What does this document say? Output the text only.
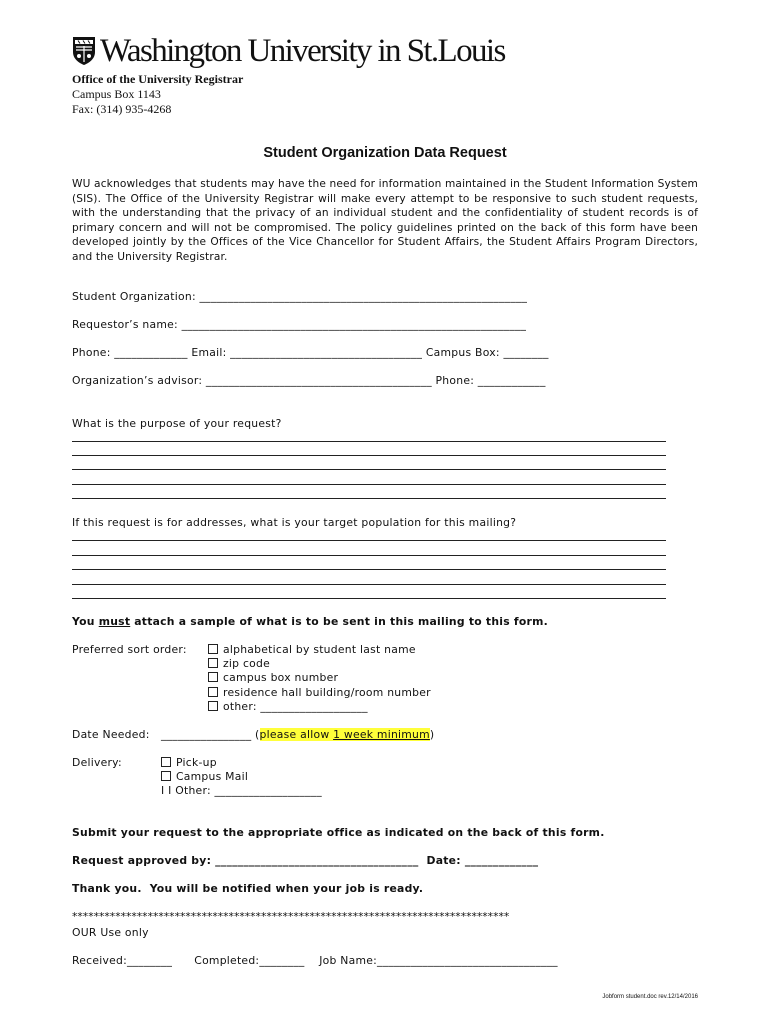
Washington University in St.Louis
Office of the University Registrar
Campus Box 1143
Fax: (314) 935-4268
Student Organization Data Request
WU acknowledges that students may have the need for information maintained in the Student Information System (SIS). The Office of the University Registrar will make every attempt to be responsive to such student requests, with the understanding that the privacy of an individual student and the confidentiality of student records is of primary concern and will not be compromised. The policy guidelines printed on the back of this form have been developed jointly by the Offices of the Vice Chancellor for Student Affairs, the Student Affairs Program Directors, and the University Registrar.
Student Organization: __________________________________________________________
Requestor’s name: _____________________________________________________________
Phone: _____________ Email: __________________________________ Campus Box: ________
Organization’s advisor: ________________________________________ Phone: ____________
What is the purpose of your request?
If this request is for addresses, what is your target population for this mailing?
You must attach a sample of what is to be sent in this mailing to this form.
Preferred sort order:	alphabetical by student last name
zip code
campus box number
residence hall building/room number
other: ___________________
Date Needed: ________________ (please allow 1 week minimum)
Delivery:	Pick-up
Campus Mail
I I Other: ___________________
Submit your request to the appropriate office as indicated on the back of this form.
Request approved by: ____________________________________  Date: _____________
Thank you.  You will be notified when your job is ready.
*********************************************************************************
OUR Use only
Received:________      Completed:________    Job Name:________________________________
Jobform student.doc rev.12/14/2016
